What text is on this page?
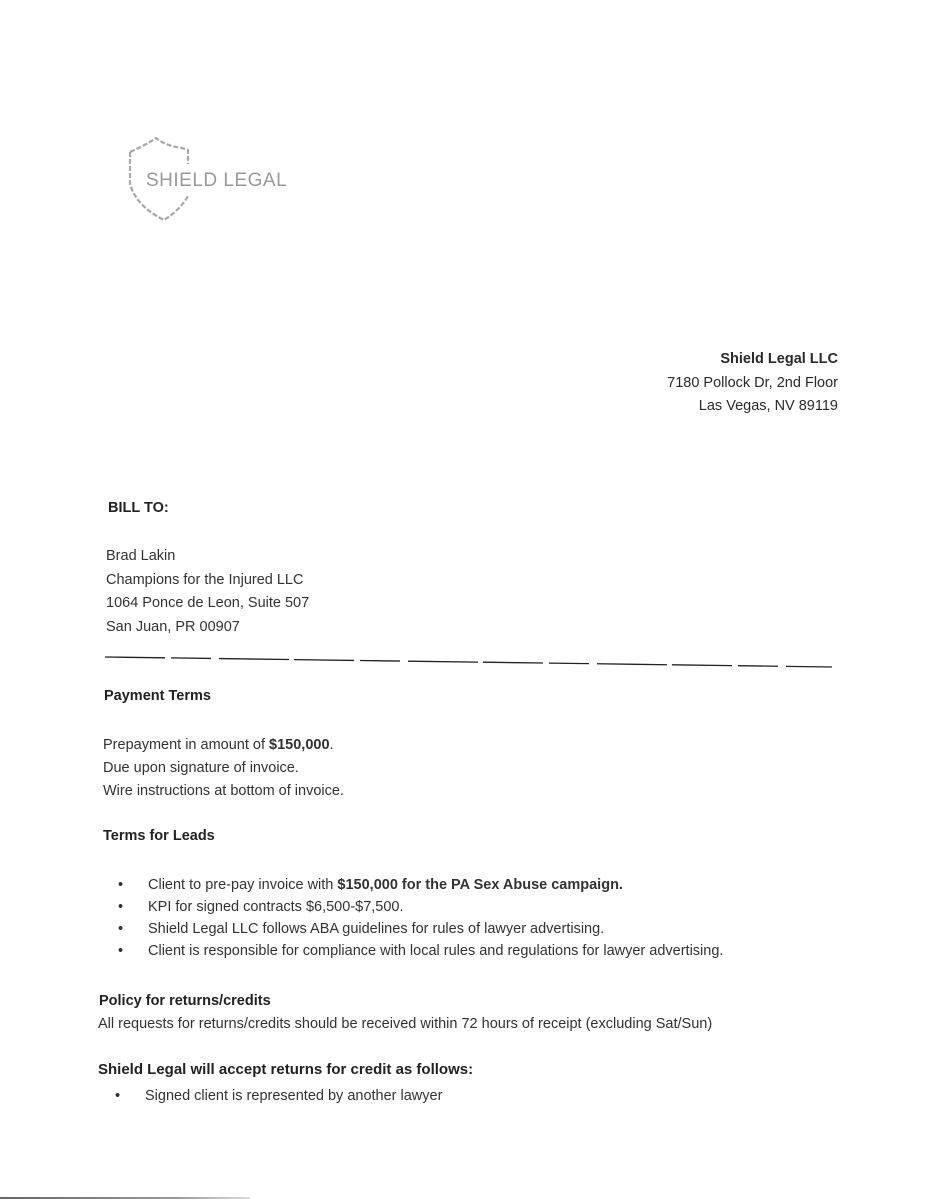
SHIELD LEGAL
Shield Legal LLC
7180 Pollock Dr, 2nd Floor
Las Vegas, NV 89119
BILL TO:
Brad Lakin
Champions for the Injured LLC
1064 Ponce de Leon, Suite 507
San Juan, PR 00907
Payment Terms
Prepayment in amount of $150,000.
Due upon signature of invoice.
Wire instructions at bottom of invoice.
Terms for Leads
• Client to pre-pay invoice with $150,000 for the PA Sex Abuse campaign.
• KPI for signed contracts $6,500-$7,500.
• Shield Legal LLC follows ABA guidelines for rules of lawyer advertising.
• Client is responsible for compliance with local rules and regulations for lawyer advertising.
Policy for returns/credits
All requests for returns/credits should be received within 72 hours of receipt (excluding Sat/Sun)
Shield Legal will accept returns for credit as follows:
• Signed client is represented by another lawyer
